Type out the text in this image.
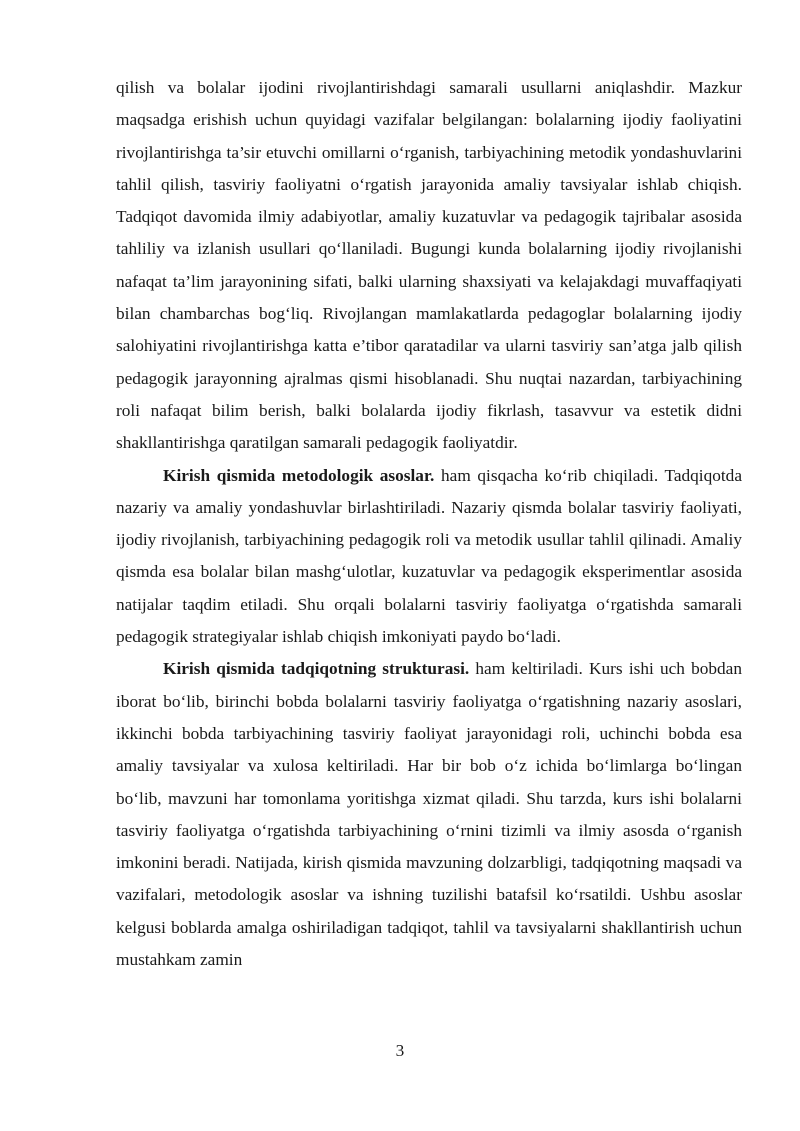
qilish va bolalar ijodini rivojlantirishdagi samarali usullarni aniqlashdir. Mazkur maqsadga erishish uchun quyidagi vazifalar belgilangan: bolalarning ijodiy faoliyatini rivojlantirishga ta’sir etuvchi omillarni oʻrganish, tarbiyachining metodik yondashuvlarini tahlil qilish, tasviriy faoliyatni oʻrgatish jarayonida amaliy tavsiyalar ishlab chiqish. Tadqiqot davomida ilmiy adabiyotlar, amaliy kuzatuvlar va pedagogik tajribalar asosida tahliliy va izlanish usullari qoʻllaniladi. Bugungi kunda bolalarning ijodiy rivojlanishi nafaqat ta’lim jarayonining sifati, balki ularning shaxsiyati va kelajakdagi muvaffaqiyati bilan chambarchas bogʻliq. Rivojlangan mamlakatlarda pedagoglar bolalarning ijodiy salohiyatini rivojlantirishga katta e’tibor qaratadilar va ularni tasviriy san’atga jalb qilish pedagogik jarayonning ajralmas qismi hisoblanadi. Shu nuqtai nazardan, tarbiyachining roli nafaqat bilim berish, balki bolalarda ijodiy fikrlash, tasavvur va estetik didni shakllantirishga qaratilgan samarali pedagogik faoliyatdir.

Kirish qismida metodologik asoslar. ham qisqacha koʻrib chiqiladi. Tadqiqotda nazariy va amaliy yondashuvlar birlashtiriladi. Nazariy qismda bolalar tasviriy faoliyati, ijodiy rivojlanish, tarbiyachining pedagogik roli va metodik usullar tahlil qilinadi. Amaliy qismda esa bolalar bilan mashgʻulotlar, kuzatuvlar va pedagogik eksperimentlar asosida natijalar taqdim etiladi. Shu orqali bolalarni tasviriy faoliyatga oʻrgatishda samarali pedagogik strategiyalar ishlab chiqish imkoniyati paydo boʻladi.

Kirish qismida tadqiqotning strukturasi. ham keltiriladi. Kurs ishi uch bobdan iborat boʻlib, birinchi bobda bolalarni tasviriy faoliyatga oʻrgatishning nazariy asoslari, ikkinchi bobda tarbiyachining tasviriy faoliyat jarayonidagi roli, uchinchi bobda esa amaliy tavsiyalar va xulosa keltiriladi. Har bir bob oʻz ichida boʻlimlarga boʻlingan boʻlib, mavzuni har tomonlama yoritishga xizmat qiladi. Shu tarzda, kurs ishi bolalarni tasviriy faoliyatga oʻrgatishda tarbiyachining oʻrnini tizimli va ilmiy asosda oʻrganish imkonini beradi. Natijada, kirish qismida mavzuning dolzarbligi, tadqiqotning maqsadi va vazifalari, metodologik asoslar va ishning tuzilishi batafsil koʻrsatildi. Ushbu asoslar kelgusi boblarda amalga oshiriladigan tadqiqot, tahlil va tavsiyalarni shakllantirish uchun mustahkam zamin

3
